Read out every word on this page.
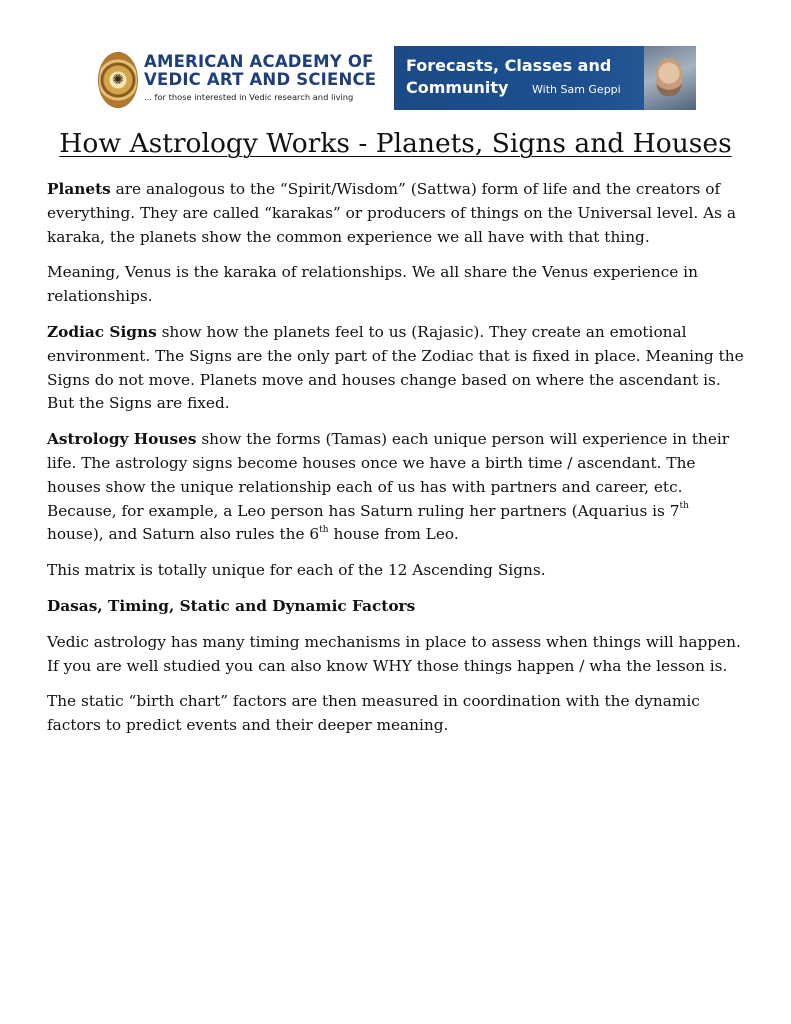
✺
AMERICAN ACADEMY OF
VEDIC ART AND SCIENCE
... for those interested in Vedic research and living
Forecasts, Classes and
Community With Sam Geppi
How Astrology Works - Planets, Signs and Houses

Planets are analogous to the “Spirit/Wisdom” (Sattwa) form of life and the creators of everything. They are called “karakas” or producers of things on the Universal level. As a karaka, the planets show the common experience we all have with that thing.

Meaning, Venus is the karaka of relationships. We all share the Venus experience in relationships.

Zodiac Signs show how the planets feel to us (Rajasic). They create an emotional environment. The Signs are the only part of the Zodiac that is fixed in place. Meaning the Signs do not move. Planets move and houses change based on where the ascendant is. But the Signs are fixed.

Astrology Houses show the forms (Tamas) each unique person will experience in their life. The astrology signs become houses once we have a birth time / ascendant. The houses show the unique relationship each of us has with partners and career, etc. Because, for example, a Leo person has Saturn ruling her partners (Aquarius is 7th house), and Saturn also rules the 6th house from Leo.

This matrix is totally unique for each of the 12 Ascending Signs.

Dasas, Timing, Static and Dynamic Factors

Vedic astrology has many timing mechanisms in place to assess when things will happen. If you are well studied you can also know WHY those things happen / wha the lesson is.

The static “birth chart” factors are then measured in coordination with the dynamic factors to predict events and their deeper meaning.
